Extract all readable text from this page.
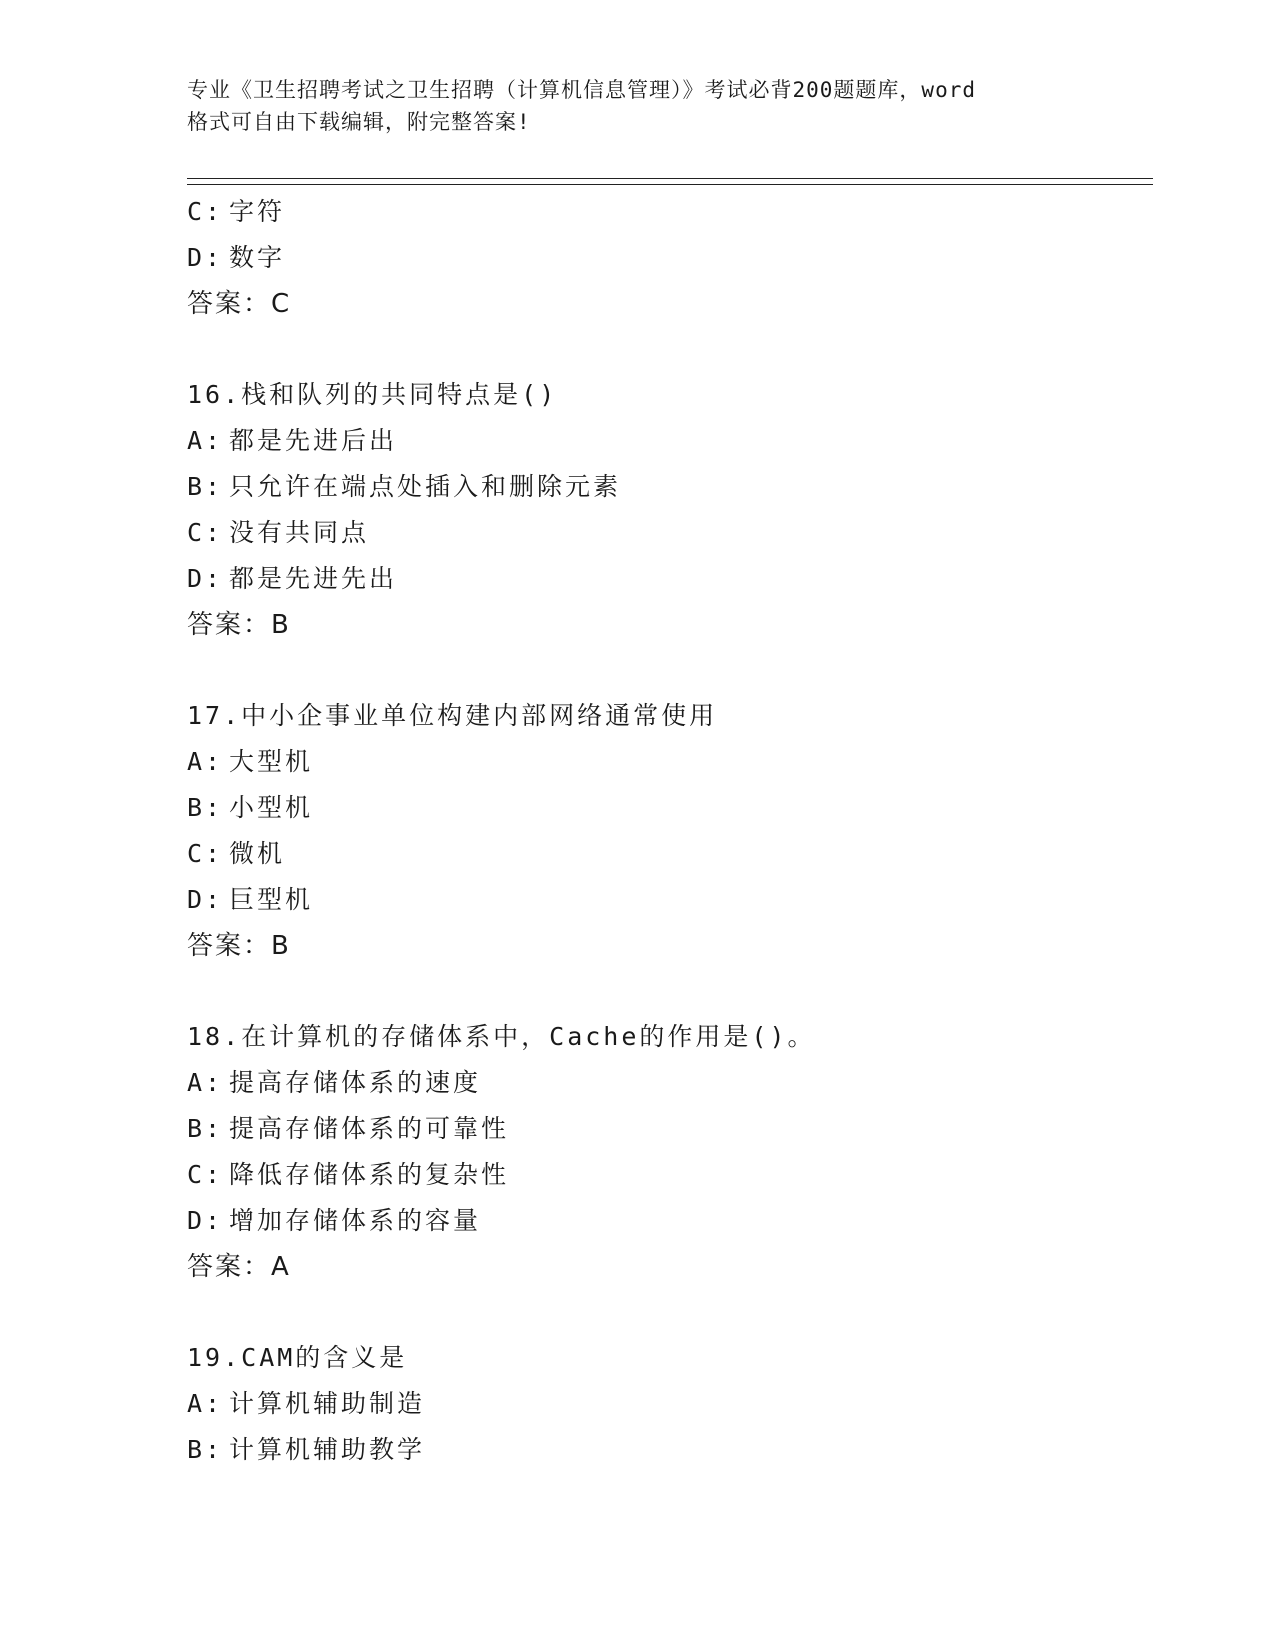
专业《卫生招聘考试之卫生招聘（计算机信息管理）》考试必背200题题库，word
格式可自由下载编辑，附完整答案!
C: 字符
D: 数字
答案：C
16.栈和队列的共同特点是()
A: 都是先进后出
B: 只允许在端点处插入和删除元素
C: 没有共同点
D: 都是先进先出
答案：B
17.中小企事业单位构建内部网络通常使用
A: 大型机
B: 小型机
C: 微机
D: 巨型机
答案：B
18.在计算机的存储体系中，Cache的作用是()。
A: 提高存储体系的速度
B: 提高存储体系的可靠性
C: 降低存储体系的复杂性
D: 增加存储体系的容量
答案：A
19.CAM的含义是
A: 计算机辅助制造
B: 计算机辅助教学
